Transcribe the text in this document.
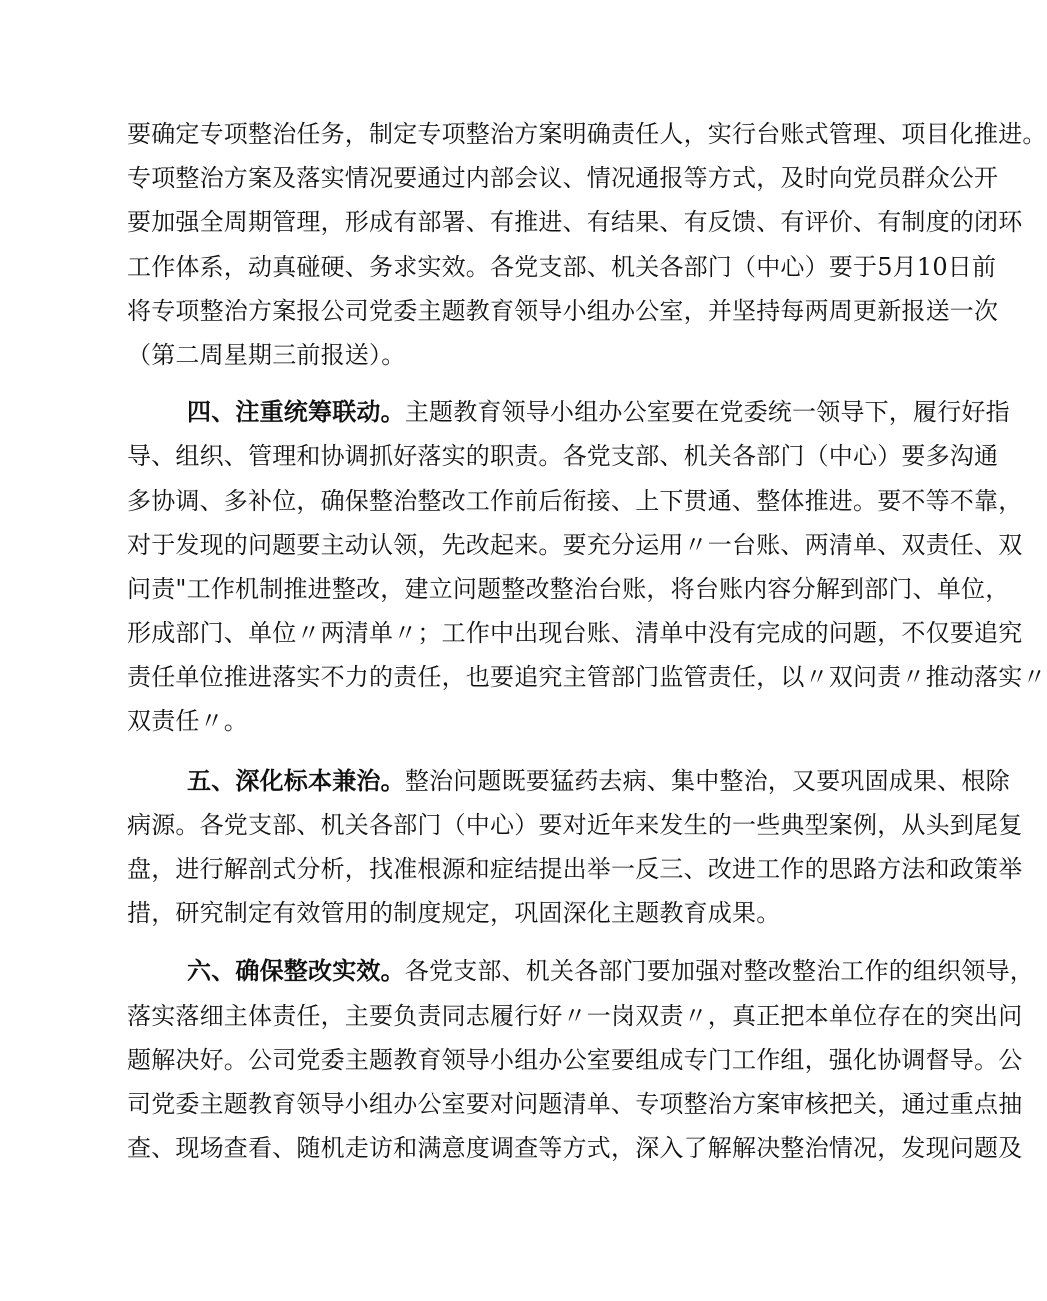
要确定专项整治任务，制定专项整治方案明确责任人，实行台账式管理、项目化推进。
专项整治方案及落实情况要通过内部会议、情况通报等方式，及时向党员群众公开
要加强全周期管理，形成有部署、有推进、有结果、有反馈、有评价、有制度的闭环
工作体系，动真碰硬、务求实效。各党支部、机关各部门（中心）要于5月10日前
将专项整治方案报公司党委主题教育领导小组办公室，并坚持每两周更新报送一次
（第二周星期三前报送）。
四、注重统筹联动。主题教育领导小组办公室要在党委统一领导下，履行好指
导、组织、管理和协调抓好落实的职责。各党支部、机关各部门（中心）要多沟通
多协调、多补位，确保整治整改工作前后衔接、上下贯通、整体推进。要不等不靠，
对于发现的问题要主动认领，先改起来。要充分运用〃一台账、两清单、双责任、双
问责"工作机制推进整改，建立问题整改整治台账，将台账内容分解到部门、单位，
形成部门、单位〃两清单〃；工作中出现台账、清单中没有完成的问题，不仅要追究
责任单位推进落实不力的责任，也要追究主管部门监管责任，以〃双问责〃推动落实〃
双责任〃。
五、深化标本兼治。整治问题既要猛药去病、集中整治，又要巩固成果、根除
病源。各党支部、机关各部门（中心）要对近年来发生的一些典型案例，从头到尾复
盘，进行解剖式分析，找准根源和症结提出举一反三、改进工作的思路方法和政策举
措，研究制定有效管用的制度规定，巩固深化主题教育成果。
六、确保整改实效。各党支部、机关各部门要加强对整改整治工作的组织领导，
落实落细主体责任，主要负责同志履行好〃一岗双责〃，真正把本单位存在的突出问
题解决好。公司党委主题教育领导小组办公室要组成专门工作组，强化协调督导。公
司党委主题教育领导小组办公室要对问题清单、专项整治方案审核把关，通过重点抽
查、现场查看、随机走访和满意度调查等方式，深入了解解决整治情况，发现问题及
